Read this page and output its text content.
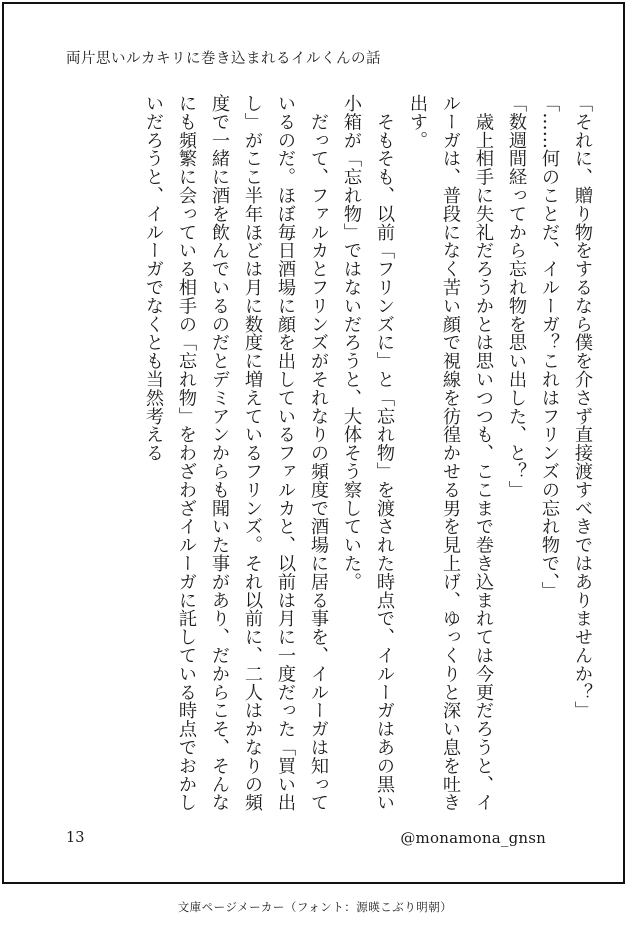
両片思いルカキリに巻き込まれるイルくんの話

「それに、贈り物をするなら僕を介さず直接渡すべきではありませんか？」

「……何のことだ、イルーガ？これはフリンズの忘れ物で、」

「数週間経ってから忘れ物を思い出した、と？」

　歳上相手に失礼だろうかとは思いつつも、ここまで巻き込まれては今更だろうと、イルーガは、普段になく苦い顔で視線を彷徨かせる男を見上げ、ゆっくりと深い息を吐き出す。

　そもそも、以前「フリンズに」と「忘れ物」を渡された時点で、イルーガはあの黒い小箱が「忘れ物」ではないだろうと、大体そう察していた。

　だって、ファルカとフリンズがそれなりの頻度で酒場に居る事を、イルーガは知っているのだ。ほぼ毎日酒場に顔を出しているファルカと、以前は月に一度だった「買い出し」がここ半年ほどは月に数度に増えているフリンズ。それ以前に、二人はかなりの頻度で一緒に酒を飲んでいるのだとデミアンからも聞いた事があり、だからこそ、そんなにも頻繁に会っている相手の「忘れ物」をわざわざイルーガに託している時点でおかしいだろうと、イルーガでなくとも当然考える

13	@monamona_gnsn
文庫ページメーカー（フォント：源暎こぶり明朝）
